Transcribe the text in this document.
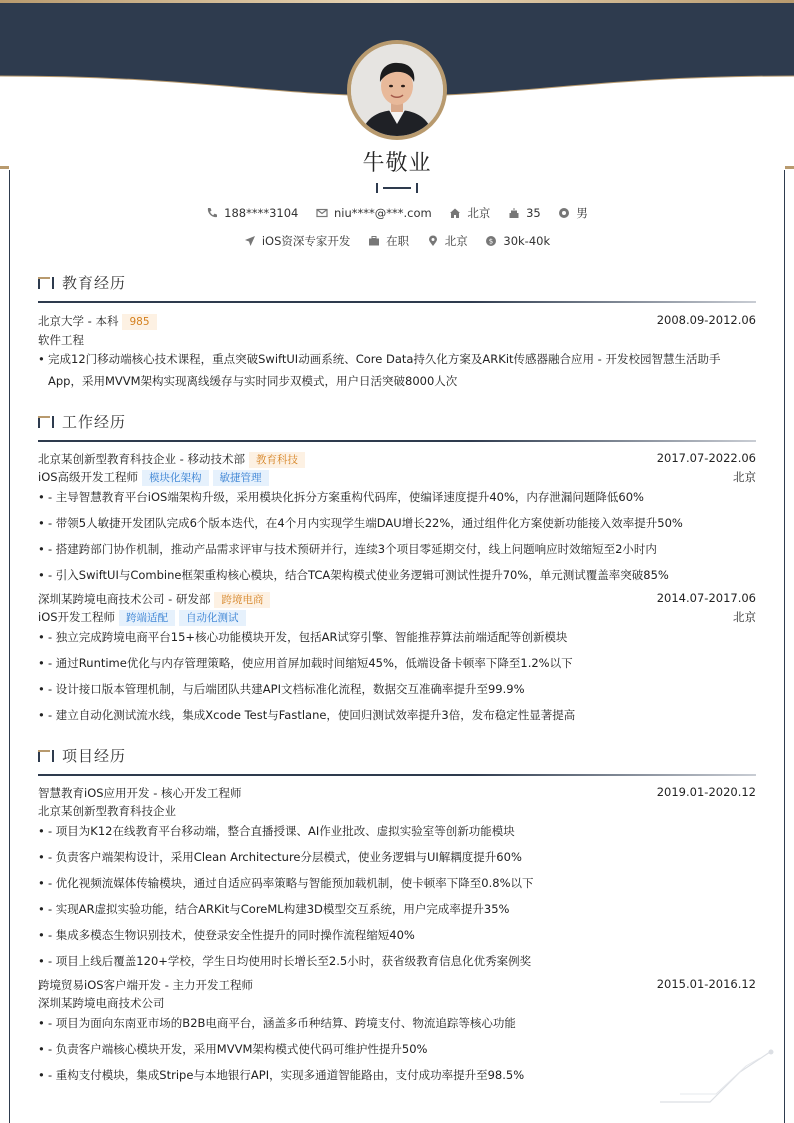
牛敬业
188****3104	niu****@***.com	北京	35	男
iOS资深专家开发	在职	北京	$ 30k-40k
教育经历
北京大学 - 本科 985	2008.09-2012.06
软件工程
• 完成12门移动端核心技术课程，重点突破SwiftUI动画系统、Core Data持久化方案及ARKit传感器融合应用 - 开发校园智慧生活助手
App，采用MVVM架构实现离线缓存与实时同步双模式，用户日活突破8000人次
工作经历
北京某创新型教育科技企业 - 移动技术部 教育科技	2017.07-2022.06
iOS高级开发工程师 模块化架构 敏捷管理	北京
• - 主导智慧教育平台iOS端架构升级，采用模块化拆分方案重构代码库，使编译速度提升40%，内存泄漏问题降低60%
• - 带领5人敏捷开发团队完成6个版本迭代，在4个月内实现学生端DAU增长22%，通过组件化方案使新功能接入效率提升50%
• - 搭建跨部门协作机制，推动产品需求评审与技术预研并行，连续3个项目零延期交付，线上问题响应时效缩短至2小时内
• - 引入SwiftUI与Combine框架重构核心模块，结合TCA架构模式使业务逻辑可测试性提升70%，单元测试覆盖率突破85%
深圳某跨境电商技术公司 - 研发部 跨境电商	2014.07-2017.06
iOS开发工程师 跨端适配 自动化测试	北京
• - 独立完成跨境电商平台15+核心功能模块开发，包括AR试穿引擎、智能推荐算法前端适配等创新模块
• - 通过Runtime优化与内存管理策略，使应用首屏加载时间缩短45%，低端设备卡顿率下降至1.2%以下
• - 设计接口版本管理机制，与后端团队共建API文档标准化流程，数据交互准确率提升至99.9%
• - 建立自动化测试流水线，集成Xcode Test与Fastlane，使回归测试效率提升3倍，发布稳定性显著提高
项目经历
智慧教育iOS应用开发 - 核心开发工程师	2019.01-2020.12
北京某创新型教育科技企业
• - 项目为K12在线教育平台移动端，整合直播授课、AI作业批改、虚拟实验室等创新功能模块
• - 负责客户端架构设计，采用Clean Architecture分层模式，使业务逻辑与UI解耦度提升60%
• - 优化视频流媒体传输模块，通过自适应码率策略与智能预加载机制，使卡顿率下降至0.8%以下
• - 实现AR虚拟实验功能，结合ARKit与CoreML构建3D模型交互系统，用户完成率提升35%
• - 集成多模态生物识别技术，使登录安全性提升的同时操作流程缩短40%
• - 项目上线后覆盖120+学校，学生日均使用时长增长至2.5小时，获省级教育信息化优秀案例奖
跨境贸易iOS客户端开发 - 主力开发工程师	2015.01-2016.12
深圳某跨境电商技术公司
• - 项目为面向东南亚市场的B2B电商平台，涵盖多币种结算、跨境支付、物流追踪等核心功能
• - 负责客户端核心模块开发，采用MVVM架构模式使代码可维护性提升50%
• - 重构支付模块，集成Stripe与本地银行API，实现多通道智能路由，支付成功率提升至98.5%
